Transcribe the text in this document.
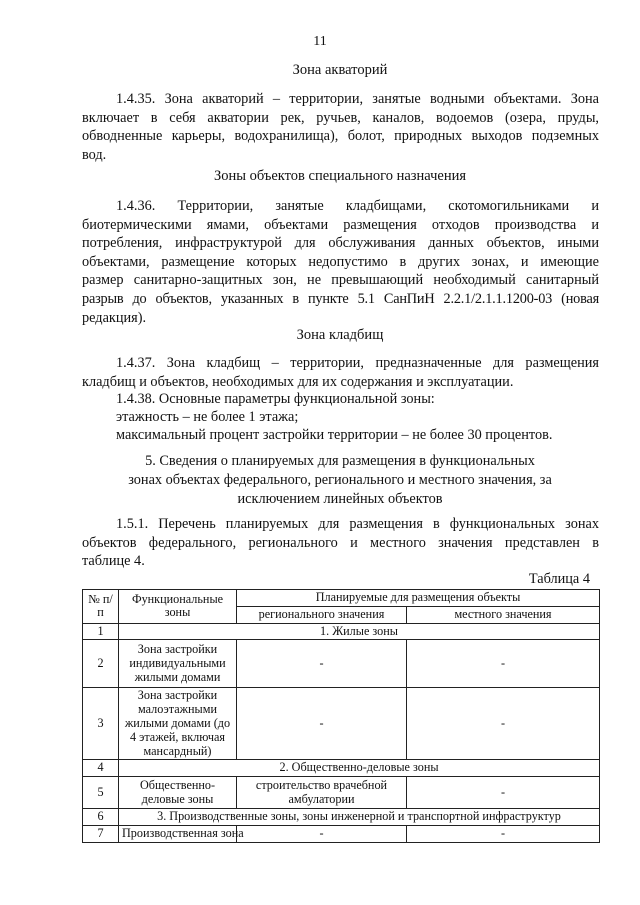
11
Зона акваторий
1.4.35. Зона акваторий – территории, занятые водными объектами. Зона
включает в себя акватории рек, ручьев, каналов, водоемов (озера, пруды,
обводненные карьеры, водохранилища), болот, природных выходов подземных
вод.
Зоны объектов специального назначения
1.4.36. Территории, занятые кладбищами, скотомогильниками и
биотермическими ямами, объектами размещения отходов производства и
потребления, инфраструктурой для обслуживания данных объектов, иными
объектами, размещение которых недопустимо в других зонах, и имеющие
размер санитарно-защитных зон, не превышающий необходимый санитарный
разрыв до объектов, указанных в пункте 5.1 СанПиН 2.2.1/2.1.1.1200-03 (новая
редакция).
Зона кладбищ
1.4.37. Зона кладбищ – территории, предназначенные для размещения
кладбищ и объектов, необходимых для их содержания и эксплуатации.
1.4.38. Основные параметры функциональной зоны:
этажность – не более 1 этажа;
максимальный процент застройки территории – не более 30 процентов.
5. Сведения о планируемых для размещения в функциональных
зонах объектах федерального, регионального и местного значения, за
исключением линейных объектов
1.5.1. Перечень планируемых для размещения в функциональных зонах
объектов федерального, регионального и местного значения представлен в
таблице 4.
Таблица 4
№ п/п	Функциональные зоны	Планируемые для размещения объекты	
		регионального значения	местного значения
1	1. Жилые зоны		
2	Зона застройки индивидуальными жилыми домами	-	-
3	Зона застройки малоэтажными жилыми домами (до 4 этажей, включая мансардный)	-	-
4	2. Общественно-деловые зоны		
5	Общественно-деловые зоны	строительство врачебной амбулатории	-
6	3. Производственные зоны, зоны инженерной и транспортной инфраструктур		
7	Производственная зона	-	-
